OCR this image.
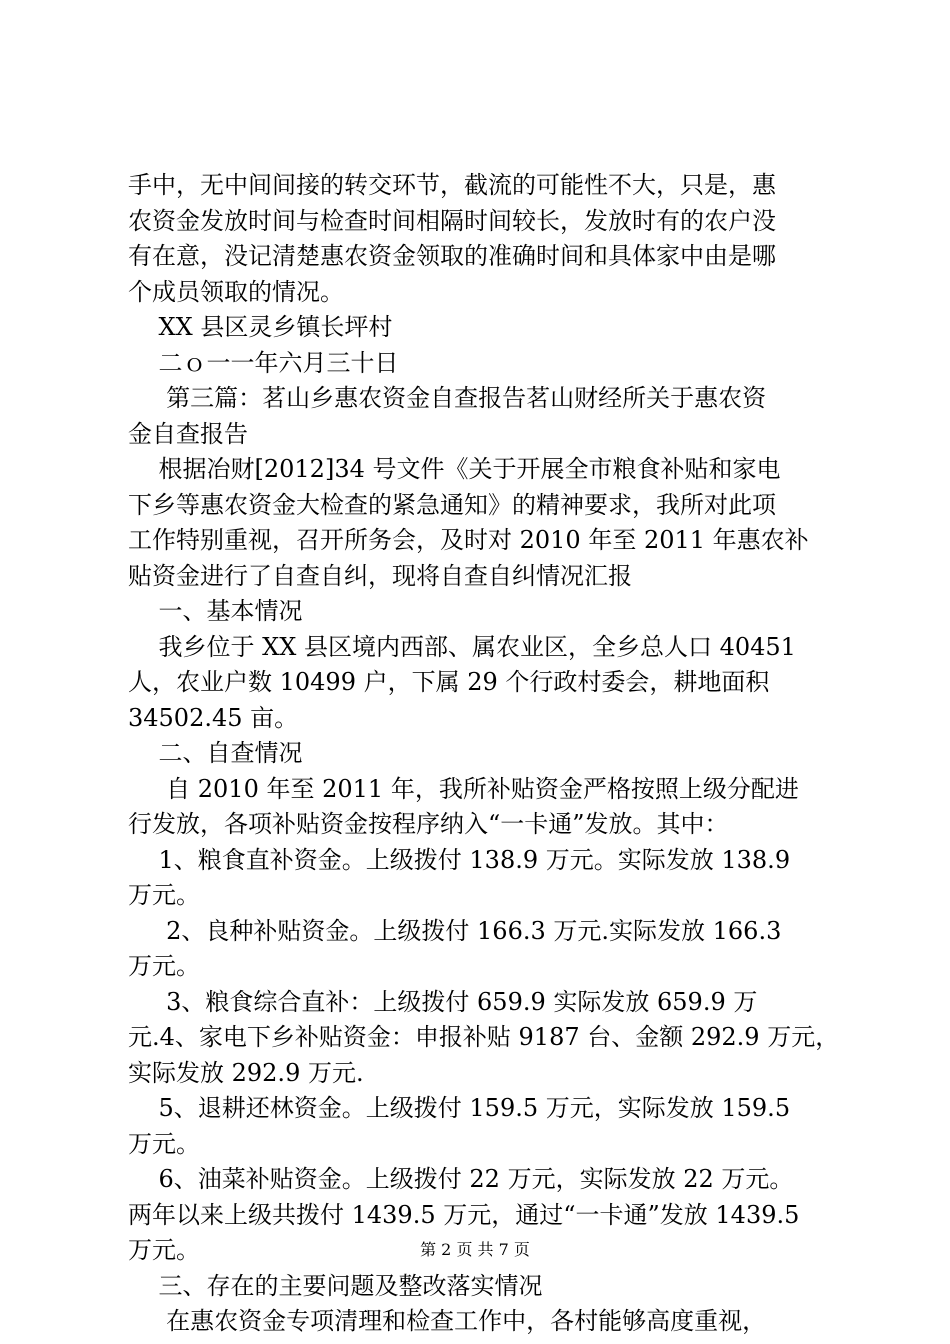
手中，无中间间接的转交环节，截流的可能性不大，只是，惠
农资金发放时间与检查时间相隔时间较长，发放时有的农户没
有在意，没记清楚惠农资金领取的准确时间和具体家中由是哪
个成员领取的情况。
XX 县区灵乡镇长坪村
二ｏ一一年六月三十日
第三篇：茗山乡惠农资金自查报告茗山财经所关于惠农资
金自查报告
根据冶财[2012]34 号文件《关于开展全市粮食补贴和家电
下乡等惠农资金大检查的紧急通知》的精神要求，我所对此项
工作特别重视，召开所务会，及时对 2010 年至 2011 年惠农补
贴资金进行了自查自纠，现将自查自纠情况汇报
一、基本情况
我乡位于 XX 县区境内西部、属农业区，全乡总人口 40451
人，农业户数 10499 户，下属 29 个行政村委会，耕地面积
34502.45 亩。
二、自查情况
自 2010 年至 2011 年，我所补贴资金严格按照上级分配进
行发放，各项补贴资金按程序纳入“一卡通”发放。其中：
1、粮食直补资金。上级拨付 138.9 万元。实际发放 138.9
万元。
2、良种补贴资金。上级拨付 166.3 万元.实际发放 166.3
万元。
3、粮食综合直补：上级拨付 659.9 实际发放 659.9 万
元.4、家电下乡补贴资金：申报补贴 9187 台、金额 292.9 万元，
实际发放 292.9 万元.
5、退耕还林资金。上级拨付 159.5 万元，实际发放 159.5
万元。
6、油菜补贴资金。上级拨付 22 万元，实际发放 22 万元。
两年以来上级共拨付 1439.5 万元，通过“一卡通”发放 1439.5
万元。
三、存在的主要问题及整改落实情况
在惠农资金专项清理和检查工作中，各村能够高度重视，
第 2 页 共 7 页
